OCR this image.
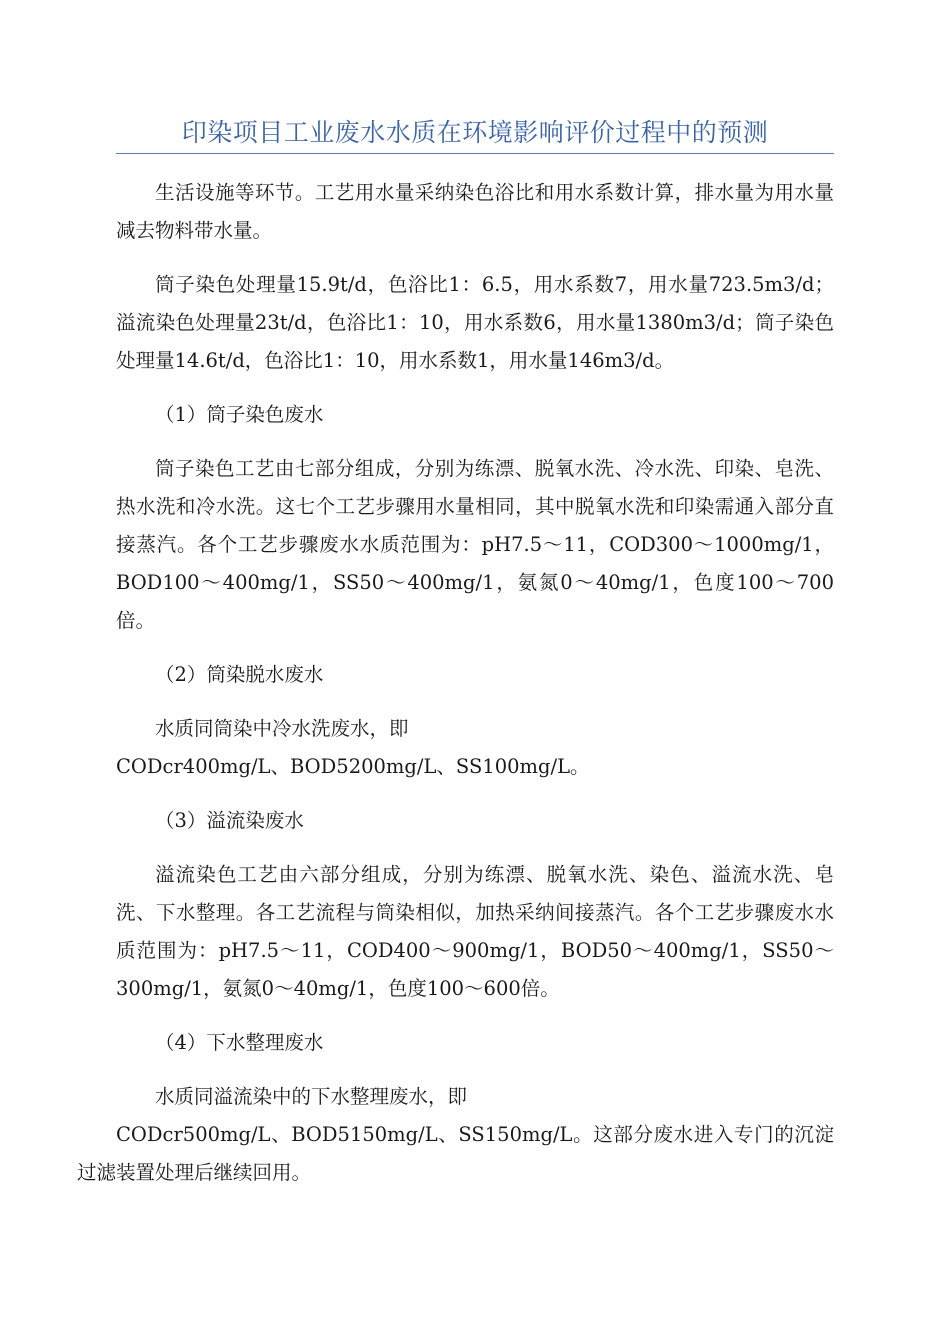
印染项目工业废水水质在环境影响评价过程中的预测

生活设施等环节。工艺用水量采纳染色浴比和用水系数计算，排水量为用水量减去物料带水量。

筒子染色处理量15.9t/d，色浴比1：6.5，用水系数7，用水量723.5m3/d；溢流染色处理量23t/d，色浴比1：10，用水系数6，用水量1380m3/d；筒子染色处理量14.6t/d，色浴比1：10，用水系数1，用水量146m3/d。

（1）筒子染色废水

筒子染色工艺由七部分组成，分别为练漂、脱氧水洗、冷水洗、印染、皂洗、热水洗和冷水洗。这七个工艺步骤用水量相同，其中脱氧水洗和印染需通入部分直接蒸汽。各个工艺步骤废水水质范围为：pH7.5～11，COD300～1000mg/1，BOD100～400mg/1，SS50～400mg/1，氨氮0～40mg/1，色度100～700倍。

（2）筒染脱水废水

水质同筒染中冷水洗废水，即
CODcr400mg/L、BOD5200mg/L、SS100mg/L。

（3）溢流染废水

溢流染色工艺由六部分组成，分别为练漂、脱氧水洗、染色、溢流水洗、皂洗、下水整理。各工艺流程与筒染相似，加热采纳间接蒸汽。各个工艺步骤废水水质范围为：pH7.5～11，COD400～900mg/1，BOD50～400mg/1，SS50～300mg/1，氨氮0～40mg/1，色度100～600倍。

（4）下水整理废水

水质同溢流染中的下水整理废水，即
CODcr500mg/L、BOD5150mg/L、SS150mg/L。这部分废水进入专门的沉淀过滤装置处理后继续回用。
